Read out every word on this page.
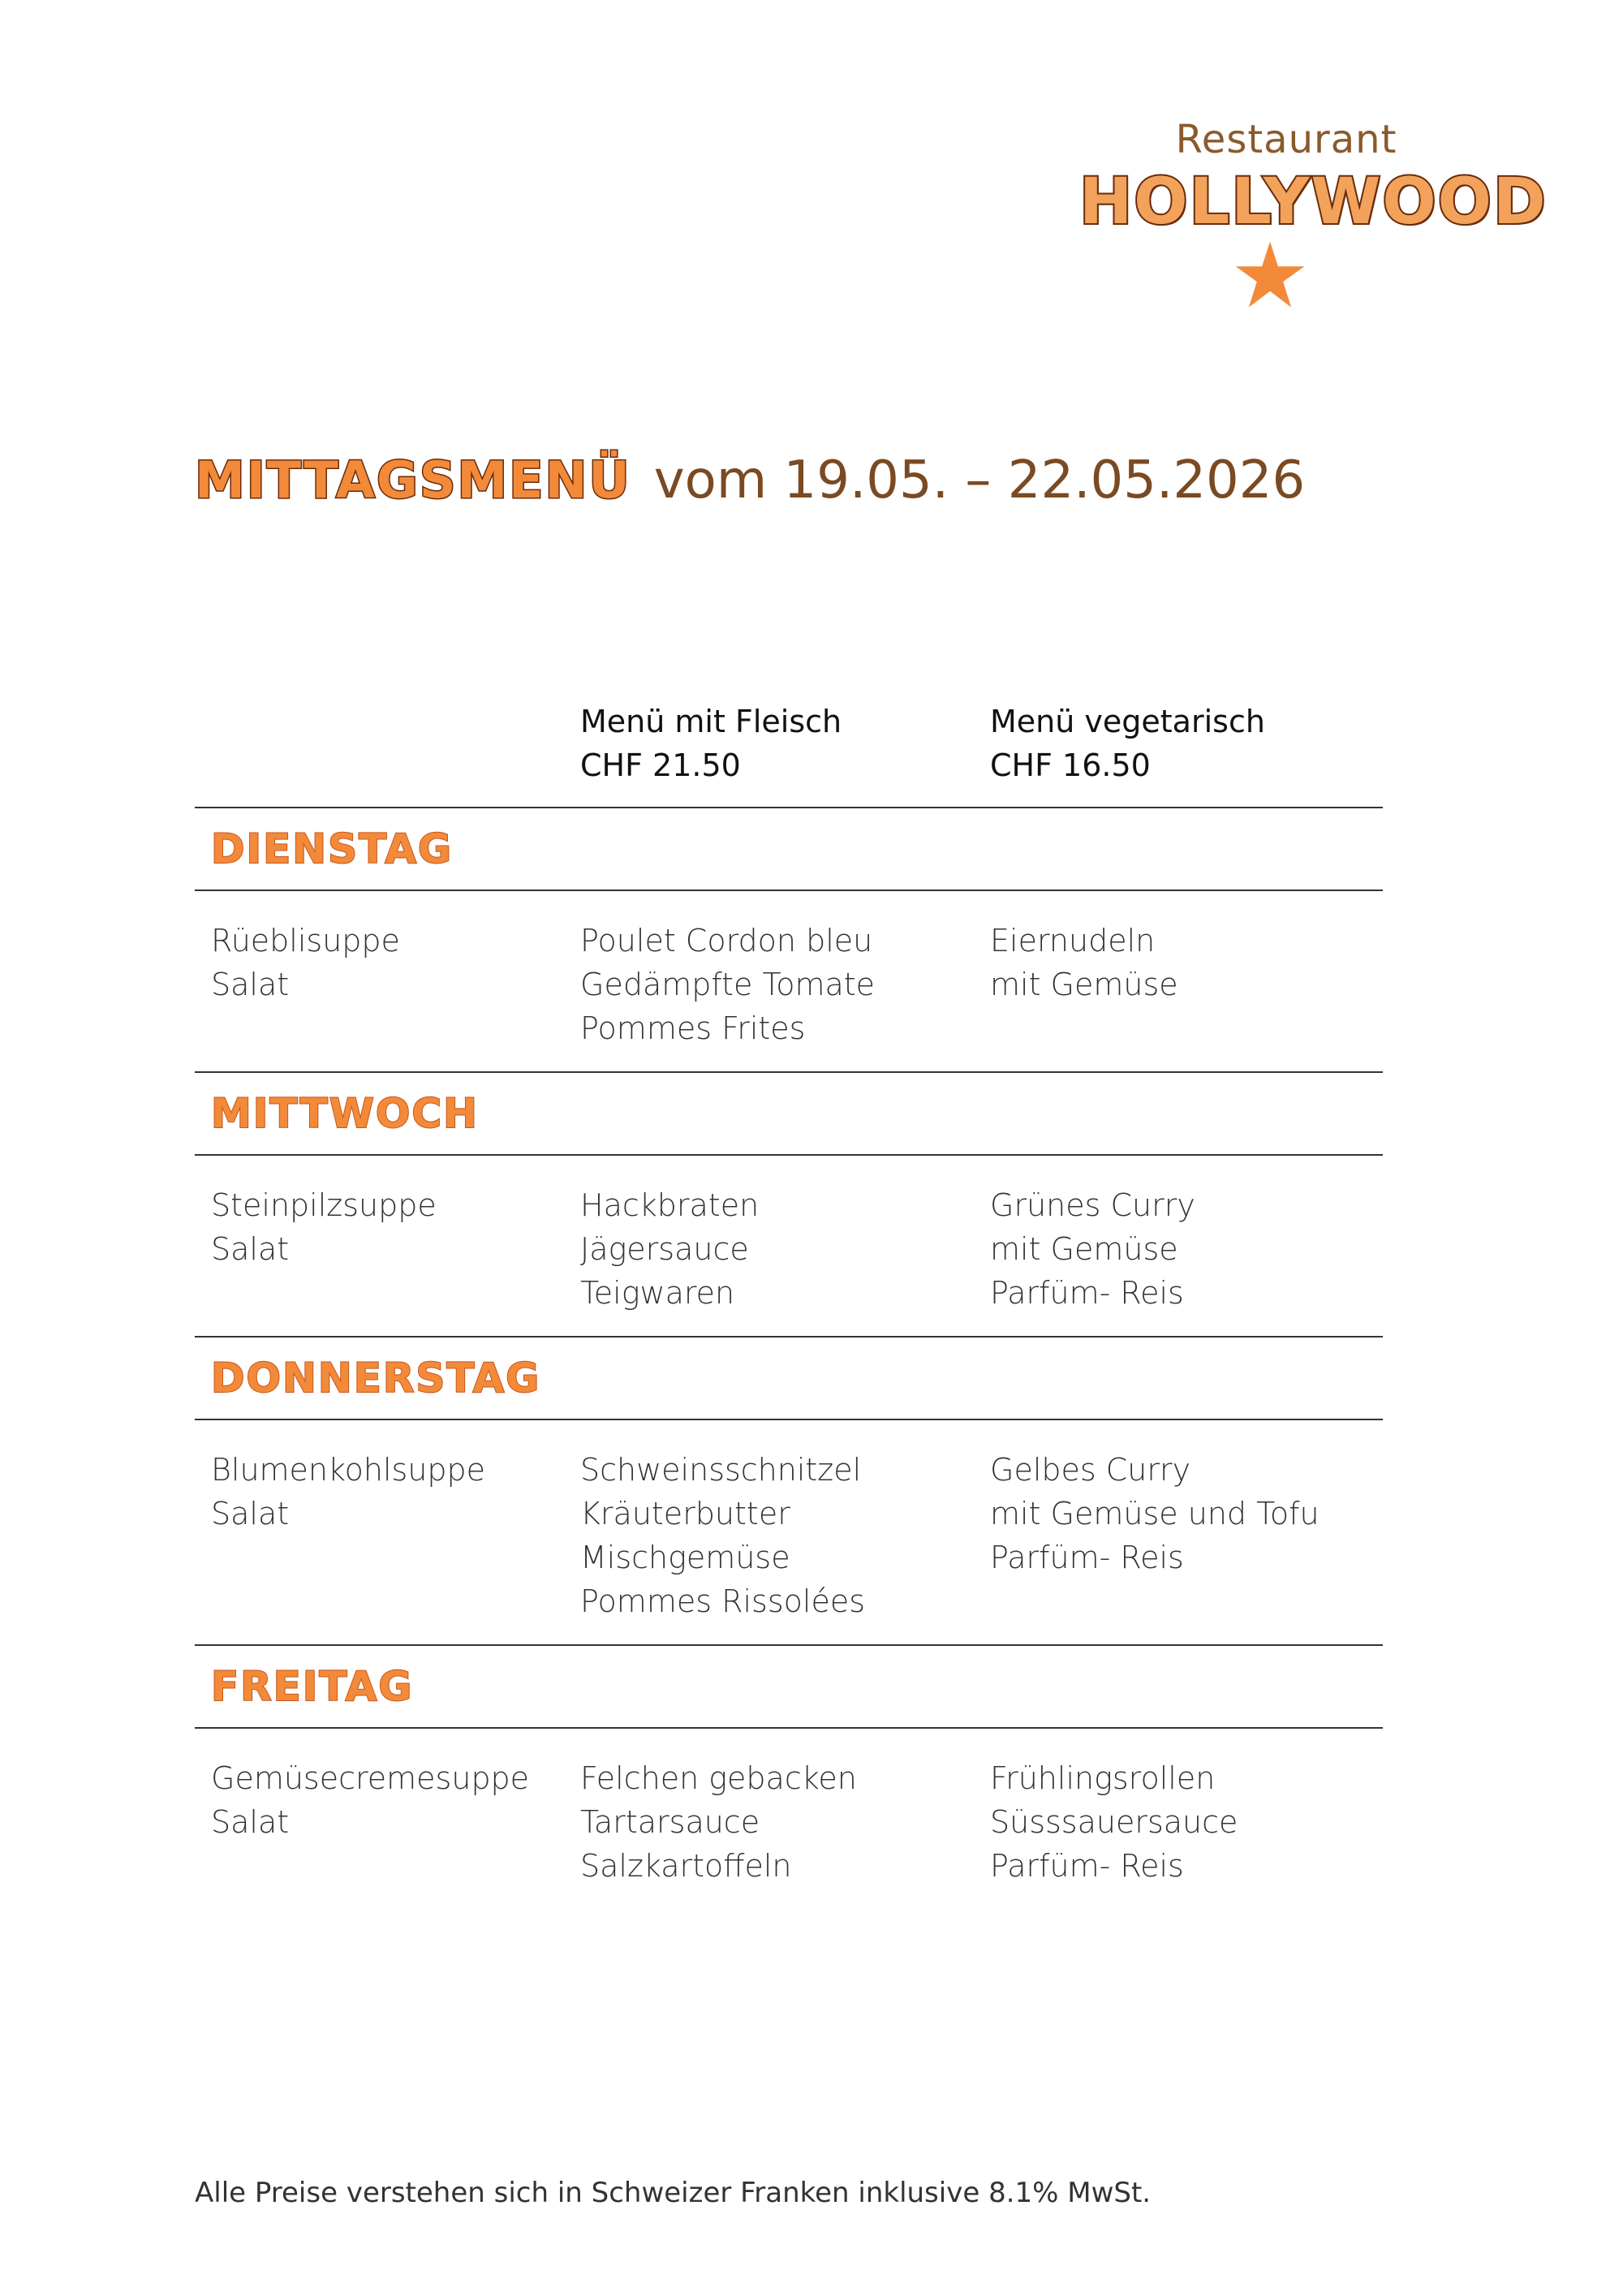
Restaurant
HOLLYWOOD
MITTAGSMENÜ vom 19.05. – 22.05.2026
Menü mit Fleisch
CHF 21.50
Menü vegetarisch
CHF 16.50
DIENSTAG
Rüeblisuppe
Salat
Poulet Cordon bleu
Gedämpfte Tomate
Pommes Frites
Eiernudeln
mit Gemüse
MITTWOCH
Steinpilzsuppe
Salat
Hackbraten
Jägersauce
Teigwaren
Grünes Curry
mit Gemüse
Parfüm- Reis
DONNERSTAG
Blumenkohlsuppe
Salat
Schweinsschnitzel
Kräuterbutter
Mischgemüse
Pommes Rissolées
Gelbes Curry
mit Gemüse und Tofu
Parfüm- Reis
FREITAG
Gemüsecremesuppe
Salat
Felchen gebacken
Tartarsauce
Salzkartoffeln
Frühlingsrollen
Süsssauersauce
Parfüm- Reis
Alle Preise verstehen sich in Schweizer Franken inklusive 8.1% MwSt.
